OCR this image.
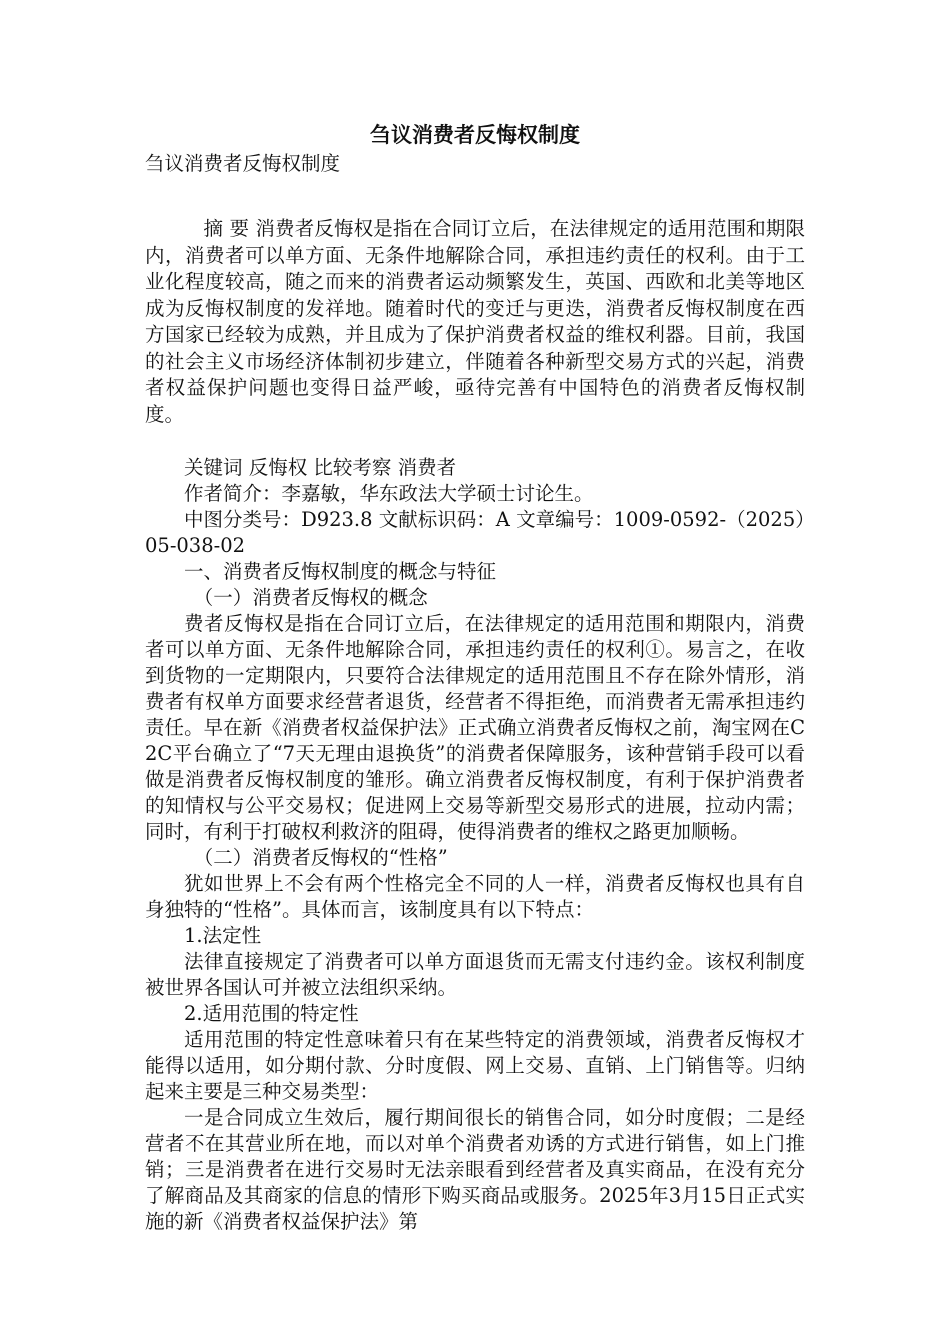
刍议消费者反悔权制度
刍议消费者反悔权制度

摘 要 消费者反悔权是指在合同订立后，在法律规定的适用范围和期限内，消费者可以单方面、无条件地解除合同，承担违约责任的权利。由于工业化程度较高，随之而来的消费者运动频繁发生，英国、西欧和北美等地区成为反悔权制度的发祥地。随着时代的变迁与更迭，消费者反悔权制度在西方国家已经较为成熟，并且成为了保护消费者权益的维权利器。目前，我国的社会主义市场经济体制初步建立，伴随着各种新型交易方式的兴起，消费者权益保护问题也变得日益严峻，亟待完善有中国特色的消费者反悔权制度。

关键词 反悔权 比较考察 消费者

作者简介：李嘉敏，华东政法大学硕士讨论生。

中图分类号：D923.8 文献标识码：A 文章编号：1009-0592-（2025）05-038-02

一、消费者反悔权制度的概念与特征

（一）消费者反悔权的概念

费者反悔权是指在合同订立后，在法律规定的适用范围和期限内，消费者可以单方面、无条件地解除合同，承担违约责任的权利①。易言之，在收到货物的一定期限内，只要符合法律规定的适用范围且不存在除外情形，消费者有权单方面要求经营者退货，经营者不得拒绝，而消费者无需承担违约责任。早在新《消费者权益保护法》正式确立消费者反悔权之前，淘宝网在C2C平台确立了“7天无理由退换货”的消费者保障服务，该种营销手段可以看做是消费者反悔权制度的雏形。确立消费者反悔权制度，有利于保护消费者的知情权与公平交易权；促进网上交易等新型交易形式的进展，拉动内需；同时，有利于打破权利救济的阻碍，使得消费者的维权之路更加顺畅。

（二）消费者反悔权的“性格”

犹如世界上不会有两个性格完全不同的人一样，消费者反悔权也具有自身独特的“性格”。具体而言，该制度具有以下特点：

1.法定性

法律直接规定了消费者可以单方面退货而无需支付违约金。该权利制度被世界各国认可并被立法组织采纳。

2.适用范围的特定性

适用范围的特定性意味着只有在某些特定的消费领域，消费者反悔权才能得以适用，如分期付款、分时度假、网上交易、直销、上门销售等。归纳起来主要是三种交易类型：

一是合同成立生效后，履行期间很长的销售合同，如分时度假；二是经营者不在其营业所在地，而以对单个消费者劝诱的方式进行销售，如上门推销；三是消费者在进行交易时无法亲眼看到经营者及真实商品，在没有充分了解商品及其商家的信息的情形下购买商品或服务。2025年3月15日正式实施的新《消费者权益保护法》第
